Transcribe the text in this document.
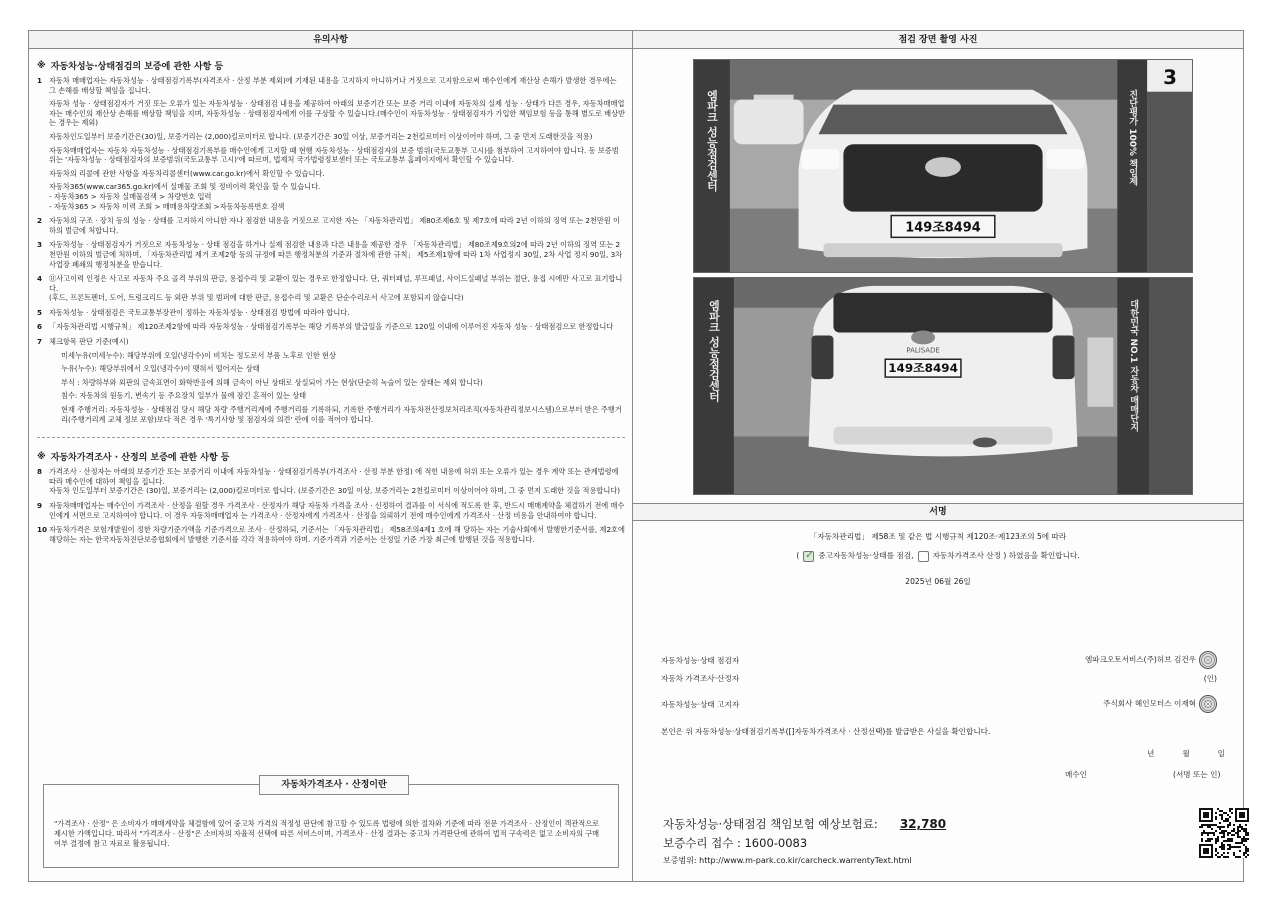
유의사항
※ 자동차성능·상태점검의 보증에 관한 사항 등
1 자동차 매매업자는 자동차성능 · 상태점검기록부(자격조사 · 산정 부분 제외)에 기재된 내용을 고지하지 아니하거나 거짓으로 고지함으로써 매수인에게 재산상 손해가 발생한 경우에는 그 손해를 배상할 책임을 집니다.

자동차 성능 · 상태점검자가 거짓 또는 오류가 있는 자동차성능 · 상태점검 내용을 제공하여 아래의 보증기간 또는 보증 거리 이내에 자동차의 실제 성능 · 상태가 다른 경우, 자동차매매업자는 매수인의 재산상 손해를 배상할 책임을 지며, 자동차성능 · 상태점검자에게 이를 구상할 수 있습니다.(매수인이 자동차성능 · 상태점검자가 가입한 책임보험 등을 통해 별도로 배상받는 경우는 제외)

자동차인도일부터 보증기간은(30)일, 보증거리는 (2,000)킬로미터로 합니다. (보증기간은 30일 이상, 보증거리는 2천킬로미터 이상이어야 하며, 그 중 먼저 도래한것을 적용)

자동차매매업자는 자동차 자동차성능 · 상태점검기록부를 매수인에게 고지할 때 현행 자동차성능 · 상태점검자의 보증 범위(국토교통부 고시)를 첨부하여 고지하여야 합니다. 동 보증범위는 '자동차성능 · 상태점검자의 보증범위(국토교통부 고시)'에 따르며, 법제처 국가법령정보센터 또는 국토교통부 홈페이지에서 확인할 수 있습니다.

자동차의 리콜에 관한 사항을 자동차리콜센터(www.car.go.kr)에서 확인할 수 있습니다.

자동차365(www.car365.go.kr)에서 실매물 조회 및 정비이력 확인을 할 수 있습니다.
- 자동차365 > 자동차 실매물검색 > 차량번호 입력
- 자동차365 > 자동차 이력 조회 > 매매용차량조회 >자동차등록번호 검색

2 자동차의 구조 · 장치 등의 성능 · 상태를 고지하지 아니한 자나 점검한 내용을 거짓으로 고지한 자는 「자동차관리법」 제80조제6호 및 제7호에 따라 2년 이하의 징역 또는 2천만원 이하의 벌금에 처합니다.

3 자동차성능 · 상태점검자가 거짓으로 자동차성능 · 상태 점검을 하거나 실제 점검한 내용과 다른 내용을 제공한 경우 「자동차관리법」 제80조제9호의2에 따라 2년 이하의 징역 또는 2천만원 이하의 벌금에 처하며, 「자동차관리법 제거 조제2항 등의 규정에 따른 행정처분의 기준과 절차에 관한 규칙」 제5조제1항에 따라 1차 사업정지 30일, 2차 사업 정지 90일, 3차 사업장 폐쇄의 행정처분을 받습니다.

4 ⑪사고이력 인정은 사고로 자동차 주요 골격 부위의 판금, 용접수리 및 교환이 있는 경우로 한정합니다. 단, 쿼터패널, 루프패널, 사이드실패널 부위는 절단, 용접 시에만 사고로 표기합니다.
(후드, 프론트펜더, 도어, 트렁크리드 등 외판 부위 및 범퍼에 대한 판금, 용접수리 및 교환은 단순수리로서 사고에 포함되지 않습니다)

5 자동차성능 · 상태점검은 국토교통부장관이 정하는 자동차성능 · 상태점검 방법에 따라야 합니다.

6 「자동차관리법 시행규칙」 제120조제2항에 따라 자동차성능 · 상태점검기록부는 해당 기록부의 발급일을 기준으로 120일 이내에 이루어진 자동차 성능 · 상태점검으로 한정합니다

7 체크항목 판단 기준(예시)

미세누유(미세누수): 해당부위에 오일(냉각수)이 비치는 정도로서 부품 노후로 인한 현상

누유(누수): 해당부위에서 오일(냉각수)이 맺혀서 떨어지는 상태

부식 : 차량하부와 외판의 금속표면이 화학반응에 의해 금속이 아닌 상태로 상실되어 가는 현상(단순히 녹슬어 있는 상태는 제외 합니다)

침수: 자동차의 원동기, 변속기 등 주요장치 일부가 물에 잠긴 흔적이 있는 상태

현재 주행거리: 자동차성능 · 상태점검 당시 해당 차량 주행거리계에 주행거리를 기록하되, 기록한 주행거리가 자동차전산정보처리조직(자동차관리정보시스템)으로부터 받은 주행거리(주행거리계 교체 정보 포함)보다 적은 경우 '특기사항 및 점검자의 의견' 란에 이를 적어야 합니다.

※ 자동차가격조사 · 산정의 보증에 관한 사항 등
8 가격조사 · 산정자는 아래의 보증기간 또는 보증거리 이내에 자동차성능 · 상태점검기록부(가격조사 · 산정 부분 한정) 에 적힌 내용에 허위 또는 오류가 있는 경우 계약 또는 관계법령에 따라 매수인에 대하여 책임을 집니다.
자동차 인도일부터 보증기간은 (30)일, 보증거리는 (2,000)킬로미터로 합니다. (보증기간은 30일 이상, 보증거리는 2천킬로미터 이상이어야 하며, 그 중 먼저 도래한 것을 적용합니다)

9 자동차매매업자는 매수인이 가격조사 · 산정을 원할 경우 가격조사 · 산정자가 해당 자동차 가격을 조사 · 신정하여 결과를 이 서식에 적도록 한 후, 반드시 매매계약을 체결하기 전에 매수인에게 서면으로 고지하여야 합니다. 이 경우 자동차매매업자 는 가격조사 · 산정자에게 가격조사 · 산정을 의뢰하기 전에 매수인에게 가격조사 · 산정 비용을 안내하여야 합니다.

10 자동차가격은 보험개발원이 정한 차량기준가액을 기준가격으로 조사 · 산정하되, 기준서는 「자동차관리법」 제58조의4제1 호에 해 당하는 자는 기술사회에서 발행한기준서를, 제2호에 해당하는 자는 한국자동차진단보증협회에서 발행한 기준서를 각각 적용하여야 하며. 기준가격과 기준서는 산정일 기준 가장 최근에 발행된 것을 적용합니다.

자동차가격조사 · 산정이란
"가격조사 · 산정" 은 소비자가 매매계약을 체결함에 있어 중고차 가격의 적정성 판단에 참고할 수 있도록 법령에 의한 절차와 기준에 따라 전문 가격조사 · 산정인이 객관적으로 제시한 가액입니다. 따라서 "가격조사 · 산정"은 소비자의 자율적 선택에 따른 서비스이며, 가격조사 · 산정 결과는 중고차 가격판단에 관하여 법적 구속력은 없고 소비자의 구매 여부 결정에 참고 자료로 활용됩니다.
점검 장면 촬영 사진
149조8494
엠파크 성능점검센터	진단평가 100% 책임제
3
149조8494
PALISADE
엠파크 성능점검센터	대한민국 NO.1 자동차 매매단지
서명
「자동차관리법」 제58조 및 같은 법 시행규칙 제120조·제123조의 5에 따라
(
✓	중고자동차성능·상태를 점검,	자동차가격조사 산정 ) 하였음을 확인합니다.
2025년 06월 26일
자동차성능·상태 점검자	엠파크오토서비스(주)허브 김건우
자동차 가격조사·산정자	(인)
자동차성능·상태 고지자	주식회사 혜인모터스 이재혁
본인은 위 자동차성능·상태점검기록부([]자동차가격조사 · 산정선택)를 발급받은 사실을 확인합니다.
년	월	일
매수인	(서명 또는 인)
자동차성능·상태점검 책임보험 예상보험료: 32,780
보증수리 접수 : 1600-0083
보증범위: http://www.m-park.co.kir/carcheck.warrentyText.html
